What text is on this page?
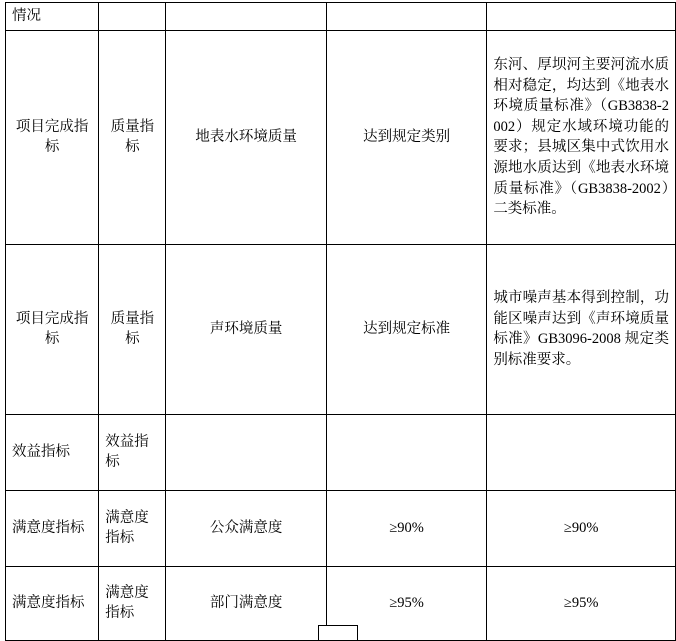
情况				

项目完成指标	质量指标	地表水环境质量	达到规定类别	东河、厚坝河主要河流水质相对稳定，均达到《地表水环境质量标准》（GB3838-2002）规定水域环境功能的要求；县城区集中式饮用水源地水质达到《地表水环境质量标准》（GB3838-2002）二类标准。
项目完成指标	质量指标	声环境质量	达到规定标准	城市噪声基本得到控制，功能区噪声达到《声环境质量标准》GB3096-2008 规定类别标准要求。
效益指标	效益指标			
满意度指标	满意度指标	公众满意度	≥90%	≥90%
满意度指标	满意度指标	部门满意度	≥95%	≥95%
